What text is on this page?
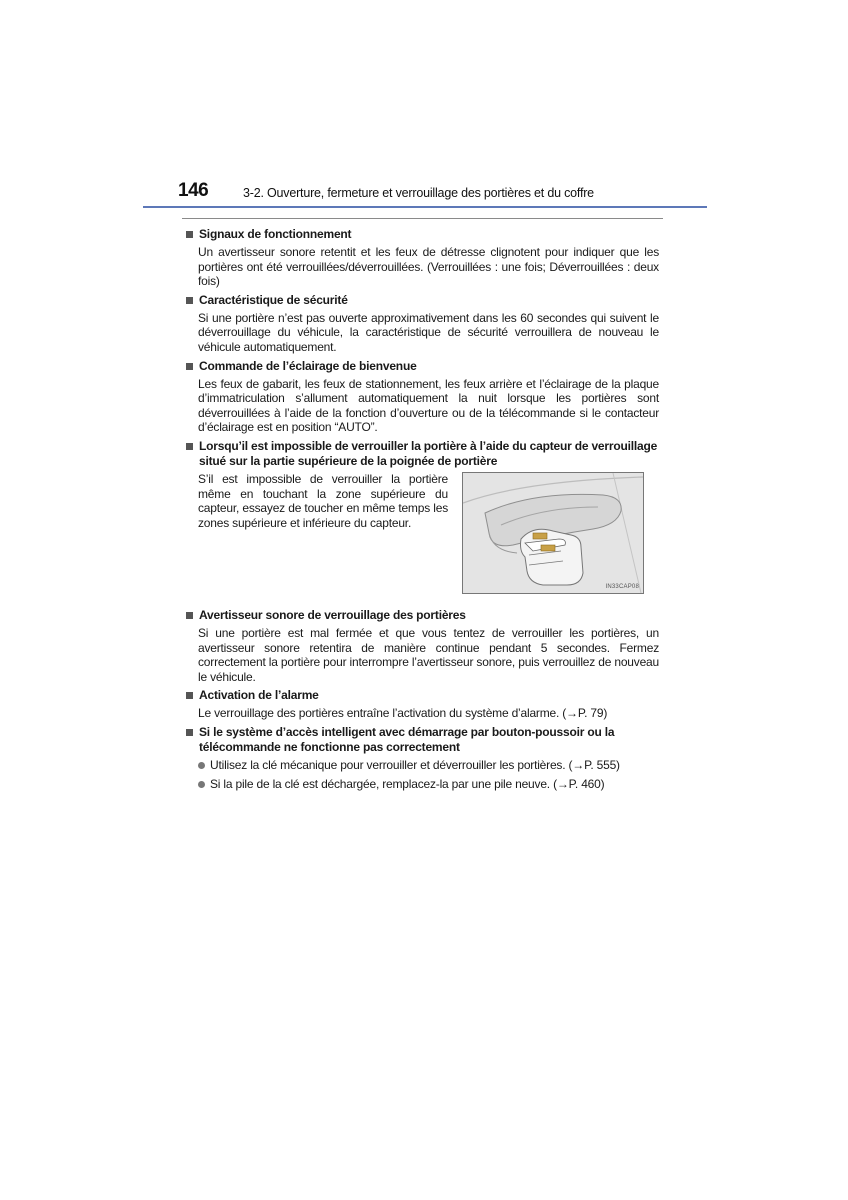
146	3-2. Ouverture, fermeture et verrouillage des portières et du coffre
Signaux de fonctionnement
Un avertisseur sonore retentit et les feux de détresse clignotent pour indiquer que les portières ont été verrouillées/déverrouillées. (Verrouillées : une fois; Déverrouillées : deux fois)
Caractéristique de sécurité
Si une portière n’est pas ouverte approximativement dans les 60 secondes qui suivent le déverrouillage du véhicule, la caractéristique de sécurité verrouillera de nouveau le véhicule automatiquement.
Commande de l’éclairage de bienvenue
Les feux de gabarit, les feux de stationnement, les feux arrière et l’éclairage de la plaque d’immatriculation s’allument automatiquement la nuit lorsque les portières sont déverrouillées à l’aide de la fonction d’ouverture ou de la télécommande si le contacteur d’éclairage est en position “AUTO”.
Lorsqu’il est impossible de verrouiller la portière à l’aide du capteur de verrouillage situé sur la partie supérieure de la poignée de portière
S’il est impossible de verrouiller la portière même en touchant la zone supérieure du capteur, essayez de toucher en même temps les zones supérieure et inférieure du capteur.
IN33CAP08
Avertisseur sonore de verrouillage des portières
Si une portière est mal fermée et que vous tentez de verrouiller les portières, un avertisseur sonore retentira de manière continue pendant 5 secondes. Fermez correctement la portière pour interrompre l’avertisseur sonore, puis verrouillez de nouveau le véhicule.
Activation de l’alarme
Le verrouillage des portières entraîne l’activation du système d’alarme. (→P. 79)
Si le système d’accès intelligent avec démarrage par bouton-poussoir ou la télécommande ne fonctionne pas correctement
Utilisez la clé mécanique pour verrouiller et déverrouiller les portières. (→P. 555)
Si la pile de la clé est déchargée, remplacez-la par une pile neuve. (→P. 460)
